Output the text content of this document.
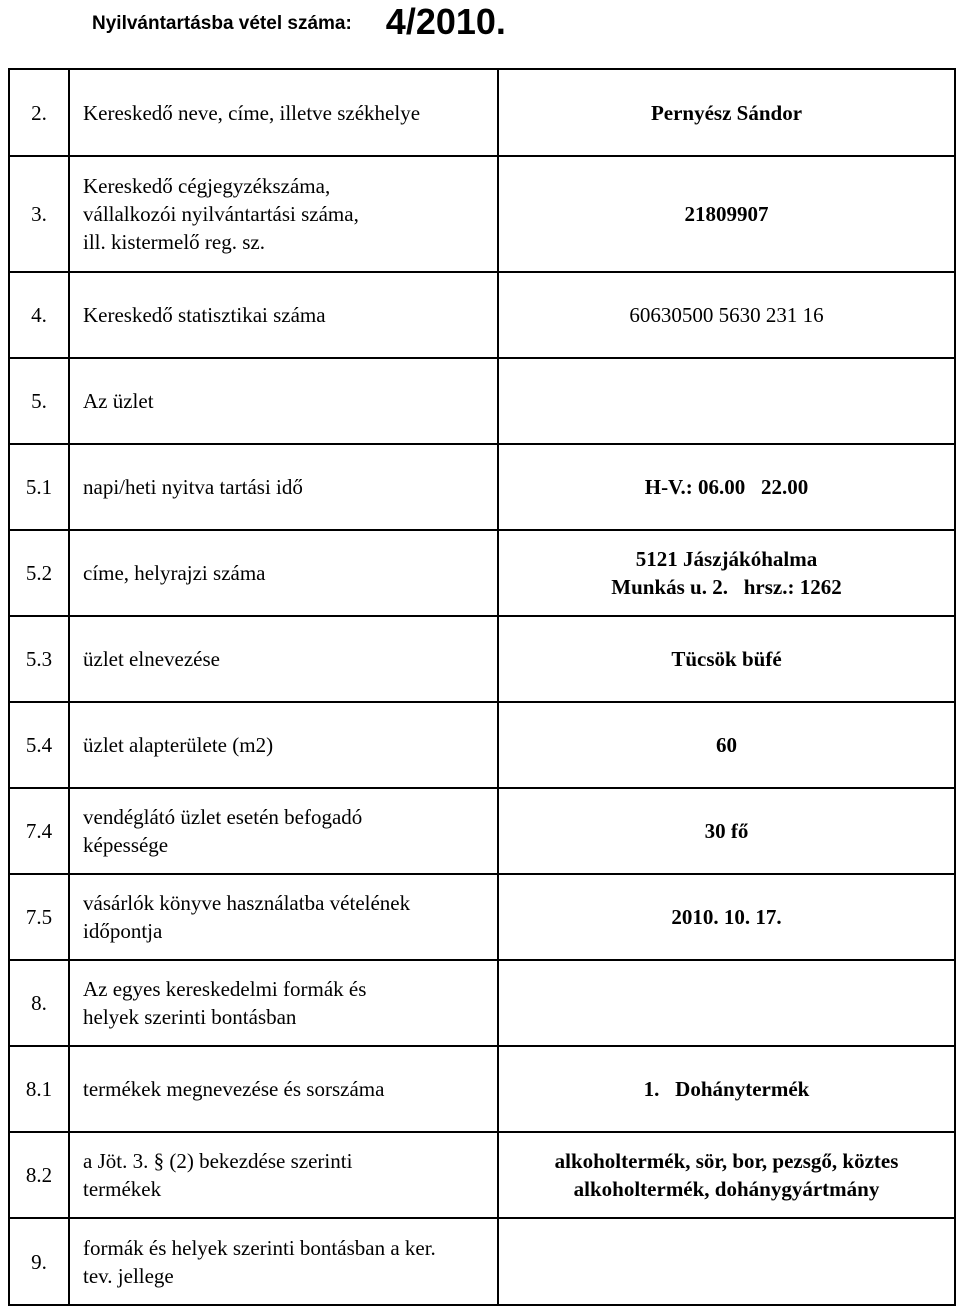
Nyilvántartásba vétel száma: 4/2010.
2.	Kereskedő neve, címe, illetve székhelye	Pernyész Sándor
3.	Kereskedő cégjegyzékszáma, vállalkozói nyilvántartási száma, ill. kistermelő reg. sz.	21809907
4.	Kereskedő statisztikai száma	60630500 5630 231 16
5.	Az üzlet	
5.1	napi/heti nyitva tartási idő	H-V.: 06.00   22.00
5.2	címe, helyrajzi száma	5121 Jászjákóhalma
Munkás u. 2.   hrsz.: 1262

5.3	üzlet elnevezése	Tücsök büfé
5.4	üzlet alapterülete (m2)	60
7.4	vendéglátó üzlet esetén befogadó képessége	30 fő
7.5	vásárlók könyve használatba vételének időpontja	2010. 10. 17.
8.	Az egyes kereskedelmi formák és helyek szerinti bontásban	

8.1	termékek megnevezése és sorszáma	1.   Dohánytermék
8.2	a Jöt. 3. § (2) bekezdése szerinti termékek	alkoholtermék, sör, bor, pezsgő, köztes
alkoholtermék, dohánygyártmány

9.	formák és helyek szerinti bontásban a ker. tev. jellege	
